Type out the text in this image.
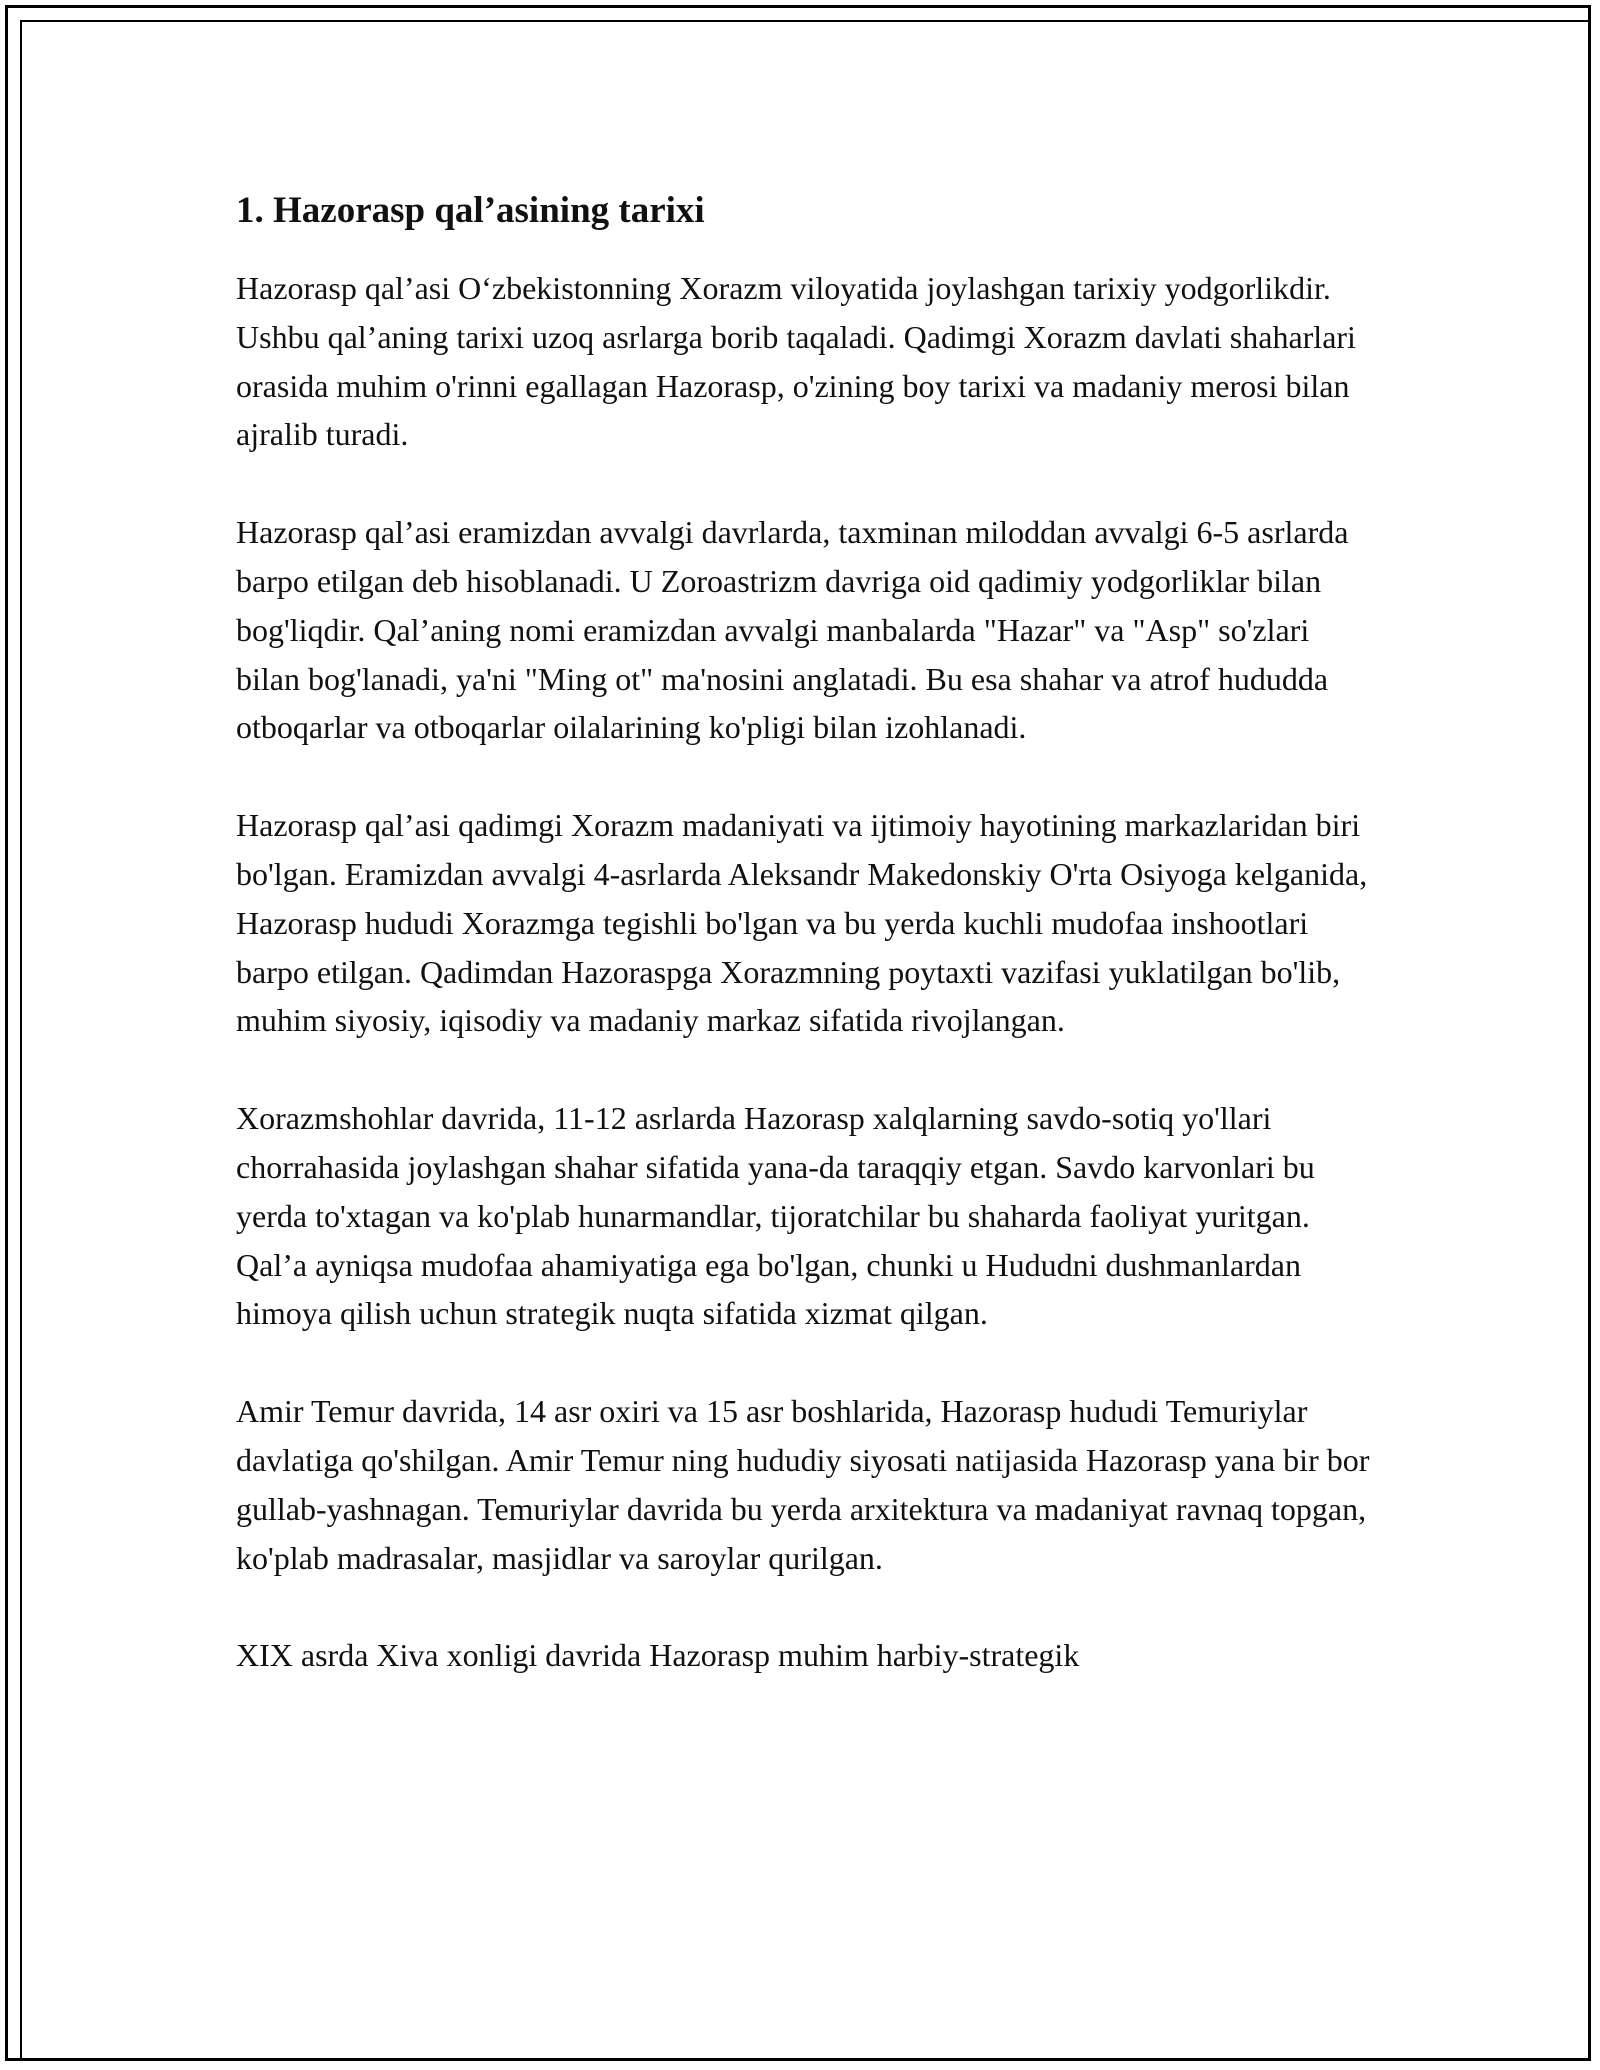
1. Hazorasp qal’asining tarixi

Hazorasp qal’asi O‘zbekistonning Xorazm viloyatida joylashgan tarixiy yodgorlikdir. Ushbu qal’aning tarixi uzoq asrlarga borib taqaladi. Qadimgi Xorazm davlati shaharlari orasida muhim o'rinni egallagan Hazorasp, o'zining boy tarixi va madaniy merosi bilan ajralib turadi.

Hazorasp qal’asi eramizdan avvalgi davrlarda, taxminan miloddan avvalgi 6-5 asrlarda barpo etilgan deb hisoblanadi. U Zoroastrizm davriga oid qadimiy yodgorliklar bilan bog'liqdir. Qal’aning nomi eramizdan avvalgi manbalarda "Hazar" va "Asp" so'zlari bilan bog'lanadi, ya'ni "Ming ot" ma'nosini anglatadi. Bu esa shahar va atrof hududda otboqarlar va otboqarlar oilalarining ko'pligi bilan izohlanadi.

Hazorasp qal’asi qadimgi Xorazm madaniyati va ijtimoiy hayotining markazlaridan biri bo'lgan. Eramizdan avvalgi 4-asrlarda Aleksandr Makedonskiy O'rta Osiyoga kelganida, Hazorasp hududi Xorazmga tegishli bo'lgan va bu yerda kuchli mudofaa inshootlari barpo etilgan. Qadimdan Hazoraspga Xorazmning poytaxti vazifasi yuklatilgan bo'lib, muhim siyosiy, iqisodiy va madaniy markaz sifatida rivojlangan.

Xorazmshohlar davrida, 11-12 asrlarda Hazorasp xalqlarning savdo-sotiq yo'llari chorrahasida joylashgan shahar sifatida yana-da taraqqiy etgan. Savdo karvonlari bu yerda to'xtagan va ko'plab hunarmandlar, tijoratchilar bu shaharda faoliyat yuritgan. Qal’a ayniqsa mudofaa ahamiyatiga ega bo'lgan, chunki u Hududni dushmanlardan himoya qilish uchun strategik nuqta sifatida xizmat qilgan.

Amir Temur davrida, 14 asr oxiri va 15 asr boshlarida, Hazorasp hududi Temuriylar davlatiga qo'shilgan. Amir Temur ning hududiy siyosati natijasida Hazorasp yana bir bor gullab-yashnagan. Temuriylar davrida bu yerda arxitektura va madaniyat ravnaq topgan, ko'plab madrasalar, masjidlar va saroylar qurilgan.

XIX asrda Xiva xonligi davrida Hazorasp muhim harbiy-strategik
